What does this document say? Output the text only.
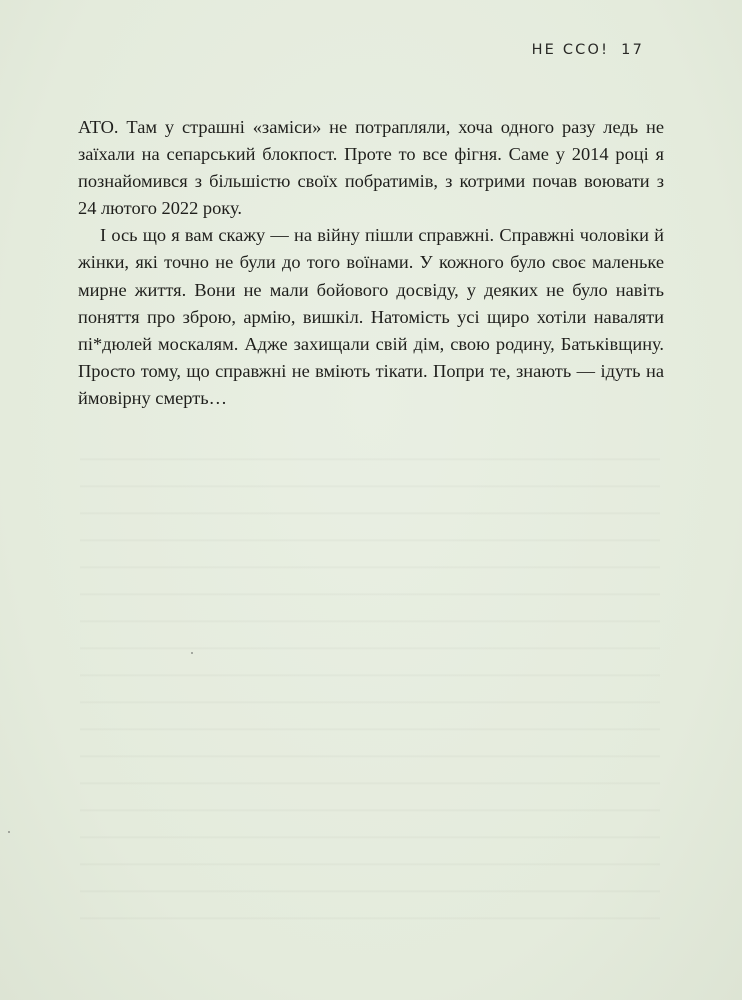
НЕ ССО! 17

АТО. Там у страшні «заміси» не потрапляли, хоча одного разу ледь не заїхали на сепарський блокпост. Проте то все фігня. Саме у 2014 році я познайомився з більшістю своїх побратимів, з котрими почав воювати з 24 лютого 2022 року.

І ось що я вам скажу — на війну пішли справжні. Справжні чоловіки й жінки, які точно не були до того воїнами. У кожного було своє маленьке мирне життя. Вони не мали бойового досвіду, у деяких не було навіть поняття про зброю, армію, вишкіл. Натомість усі щиро хотіли наваляти пі*дюлей москалям. Адже захищали свій дім, свою родину, Батьківщину. Просто тому, що справжні не вміють тікати. Попри те, знають — ідуть на ймовірну смерть…
